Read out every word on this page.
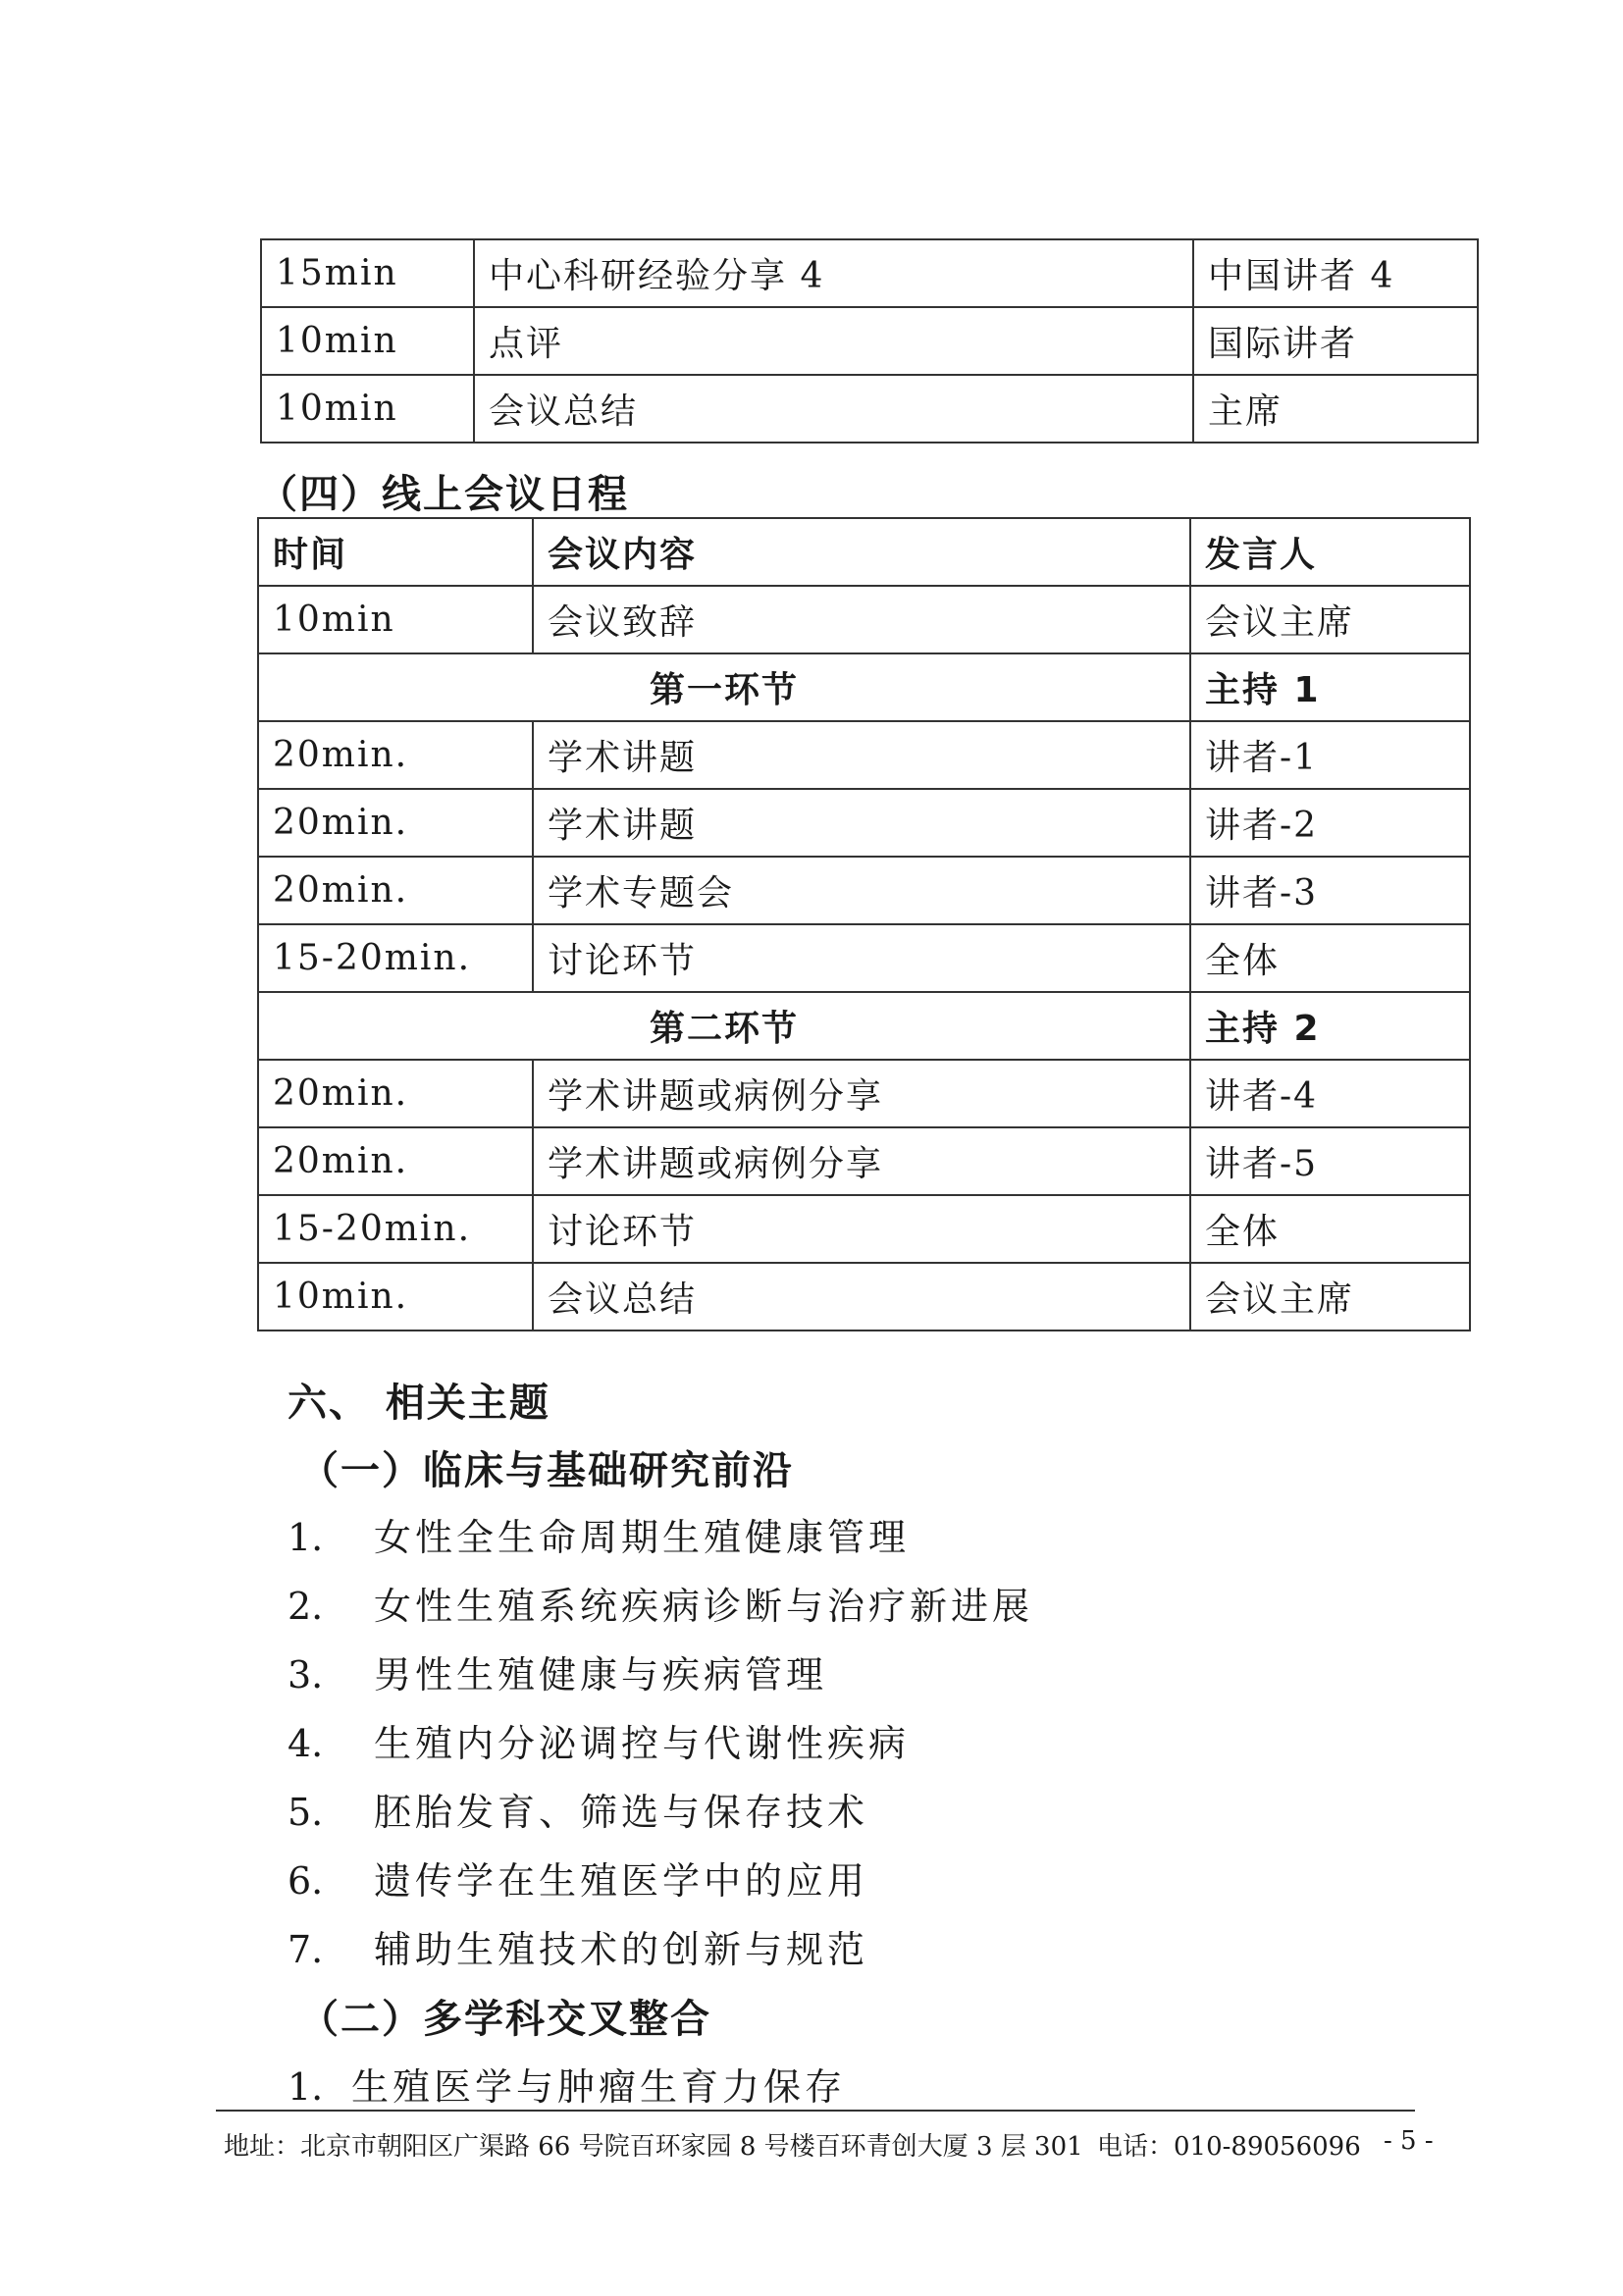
15min	中心科研经验分享 4	中国讲者 4
10min	点评	国际讲者
10min	会议总结	主席
（四）线上会议日程
时间	会议内容	发言人
10min	会议致辞	会议主席
第一环节		主持 1
20min.	学术讲题	讲者-1
20min.	学术讲题	讲者-2
20min.	学术专题会	讲者-3
15-20min.	讨论环节	全体
第二环节		主持 2
20min.	学术讲题或病例分享	讲者-4
20min.	学术讲题或病例分享	讲者-5
15-20min.	讨论环节	全体
10min.	会议总结	会议主席
六、 相关主题
（一）临床与基础研究前沿
1. 女性全生命周期生殖健康管理
2. 女性生殖系统疾病诊断与治疗新进展
3. 男性生殖健康与疾病管理
4. 生殖内分泌调控与代谢性疾病
5. 胚胎发育、筛选与保存技术
6. 遗传学在生殖医学中的应用
7. 辅助生殖技术的创新与规范
（二）多学科交叉整合
1. 生殖医学与肿瘤生育力保存
地址：北京市朝阳区广渠路 66 号院百环家园 8 号楼百环青创大厦 3 层 301 电话：010-89056096 - 5 -
